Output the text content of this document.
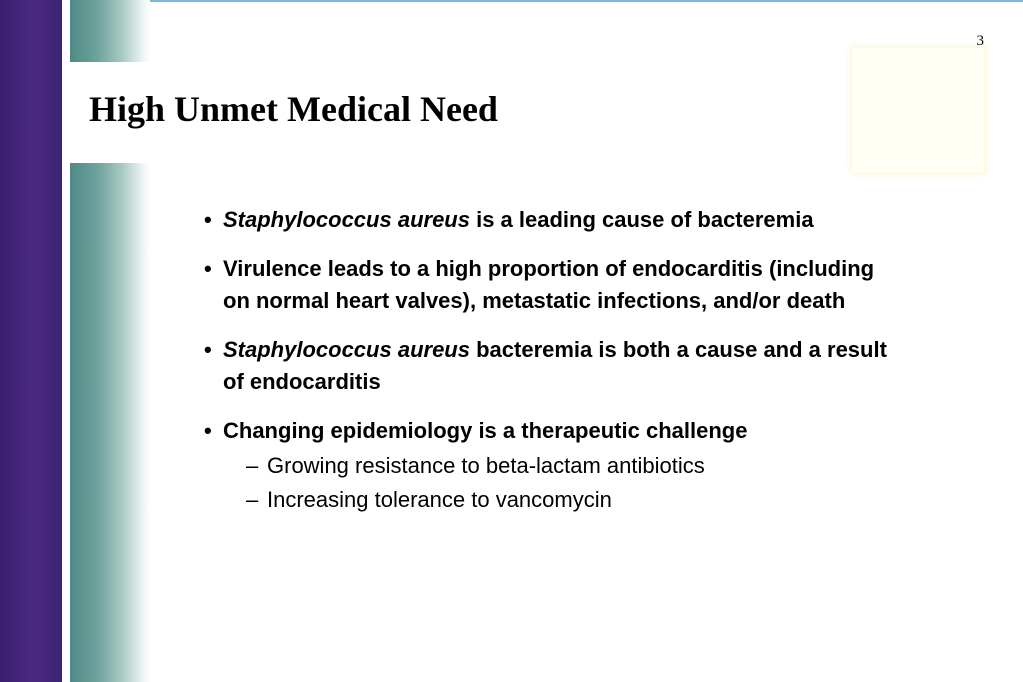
3
High Unmet Medical Need
• Staphylococcus aureus is a leading cause of bacteremia
• Virulence leads to a high proportion of endocarditis (including on normal heart valves), metastatic infections, and/or death
• Staphylococcus aureus bacteremia is both a cause and a result of endocarditis
• Changing epidemiology is a therapeutic challenge
– Growing resistance to beta-lactam antibiotics
– Increasing tolerance to vancomycin
